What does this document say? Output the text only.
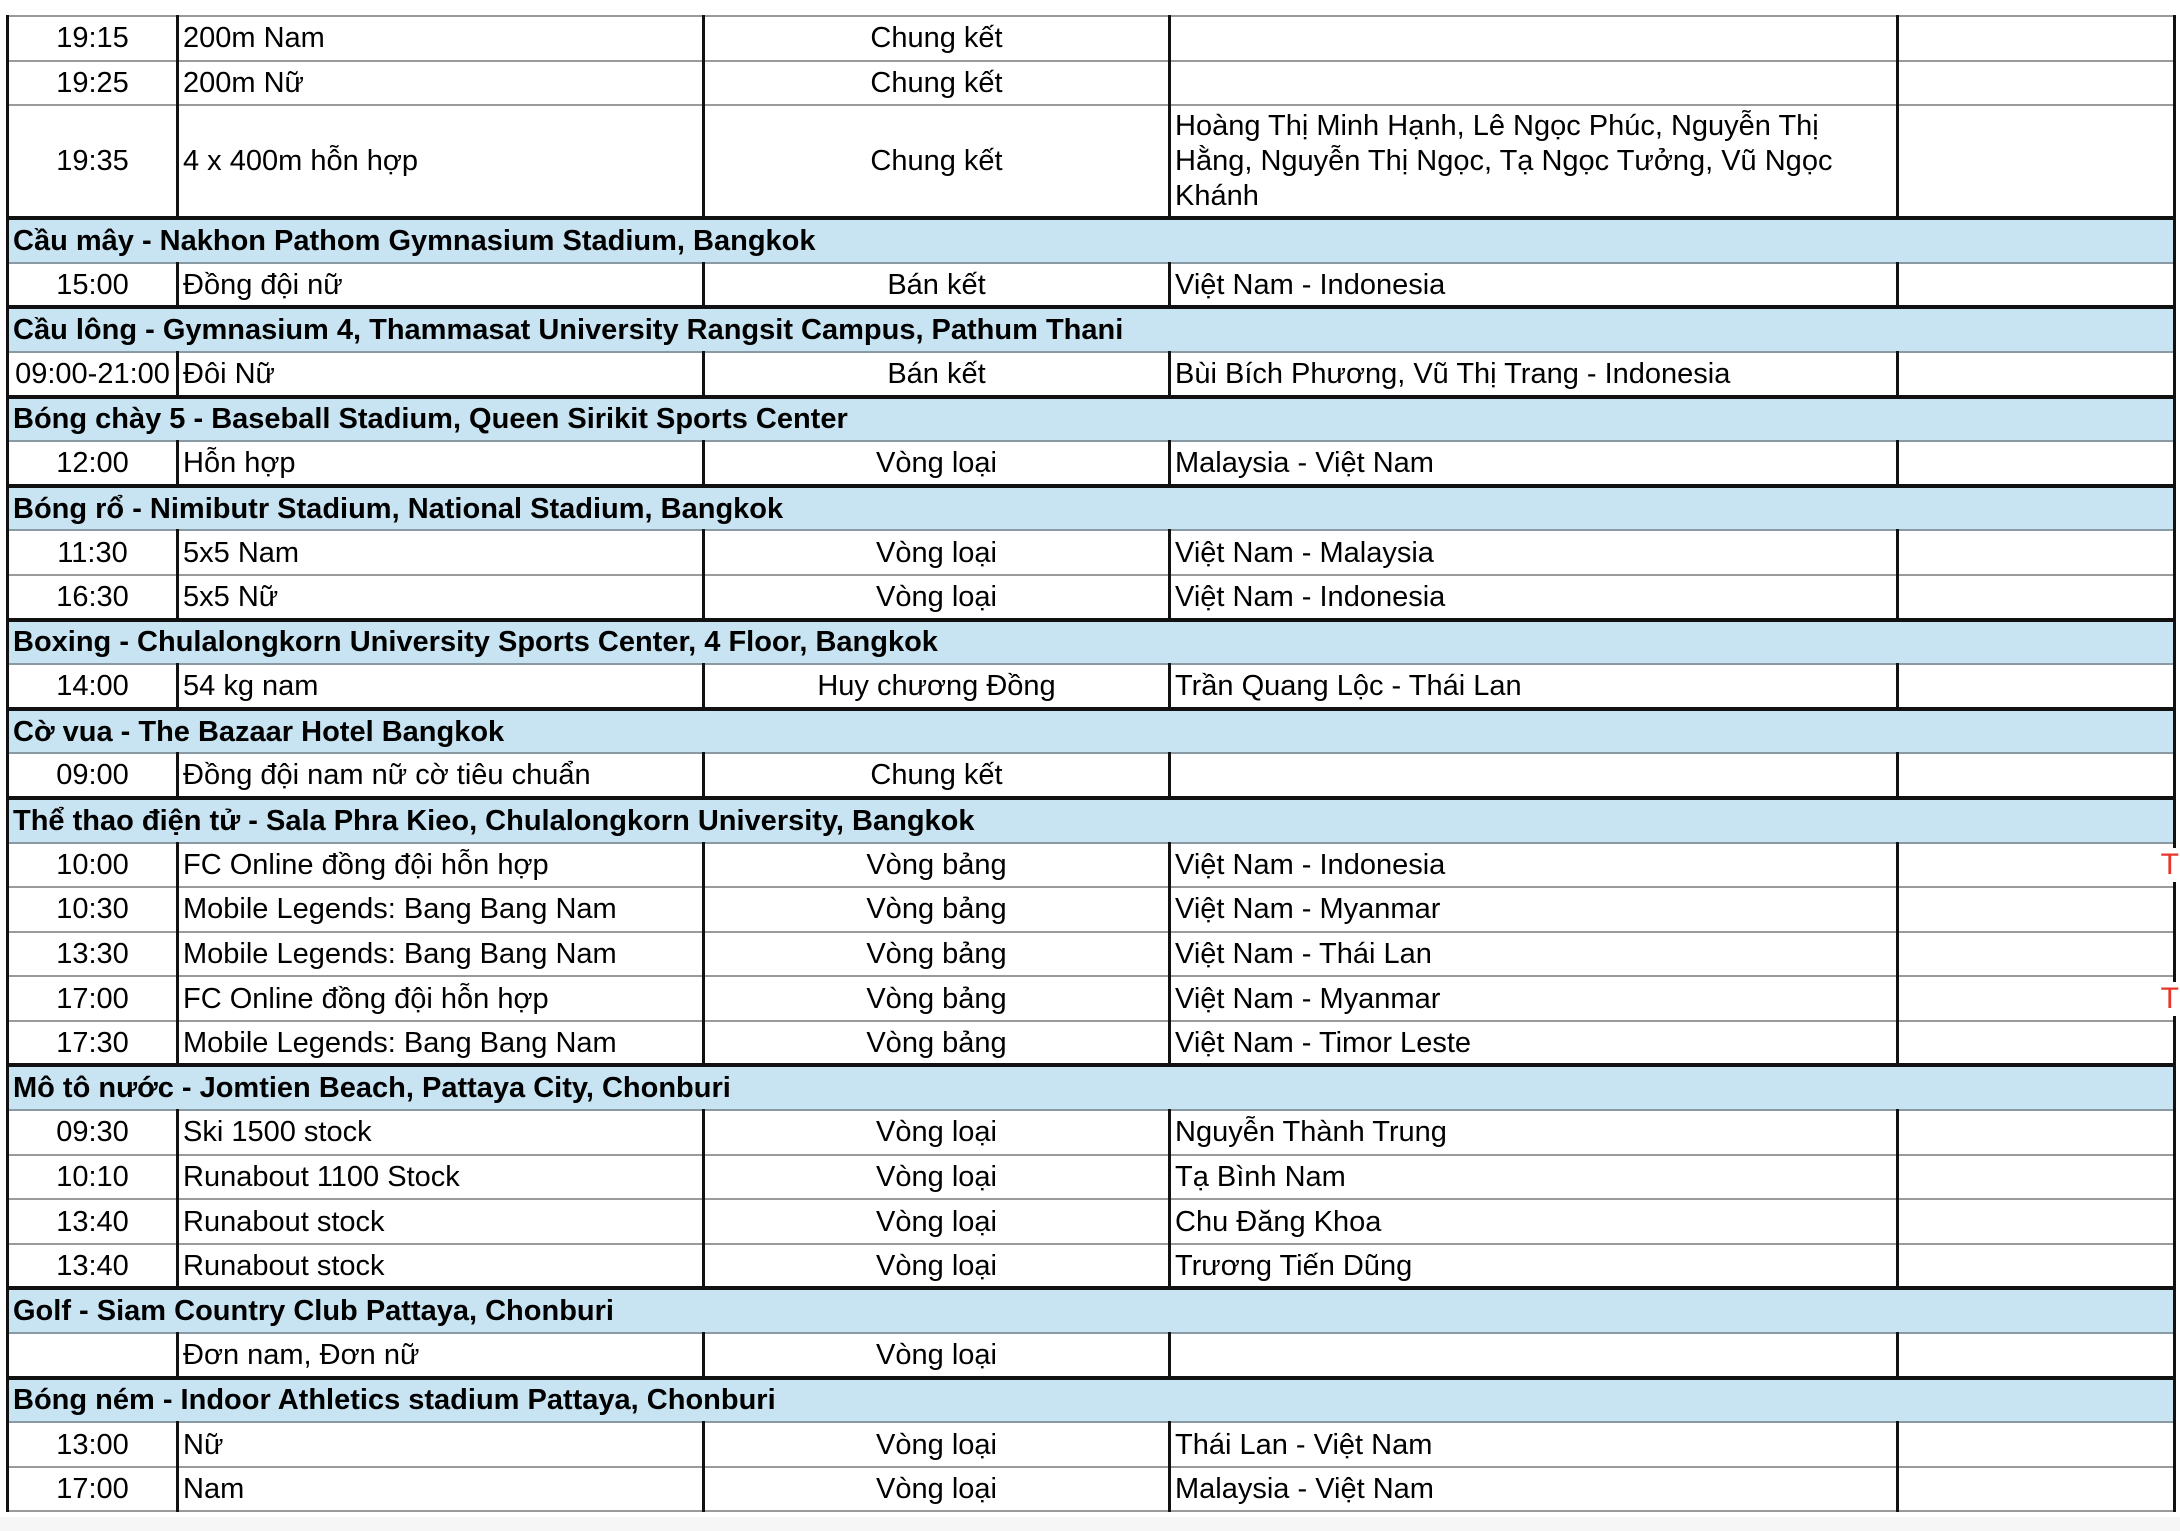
19:15	200m Nam	Chung kết		
19:25	200m Nữ	Chung kết		
19:35	4 x 400m hỗn hợp	Chung kết	Hoàng Thị Minh Hạnh, Lê Ngọc Phúc, Nguyễn Thị Hằng, Nguyễn Thị Ngọc, Tạ Ngọc Tưởng, Vũ Ngọc Khánh	
Cầu mây - Nakhon Pathom Gymnasium Stadium, Bangkok				
15:00	Đồng đội nữ	Bán kết	Việt Nam - Indonesia	
Cầu lông - Gymnasium 4, Thammasat University Rangsit Campus, Pathum Thani				
09:00-21:00	Đôi Nữ	Bán kết	Bùi Bích Phương, Vũ Thị Trang - Indonesia	
Bóng chày 5 - Baseball Stadium, Queen Sirikit Sports Center				
12:00	Hỗn hợp	Vòng loại	Malaysia - Việt Nam	
Bóng rổ - Nimibutr Stadium, National Stadium, Bangkok				
11:30	5x5 Nam	Vòng loại	Việt Nam - Malaysia	
16:30	5x5 Nữ	Vòng loại	Việt Nam - Indonesia	
Boxing - Chulalongkorn University Sports Center, 4 Floor, Bangkok				
14:00	54 kg nam	Huy chương Đồng	Trần Quang Lộc - Thái Lan	
Cờ vua - The Bazaar Hotel Bangkok				
09:00	Đồng đội nam nữ cờ tiêu chuẩn	Chung kết		
Thể thao điện tử - Sala Phra Kieo, Chulalongkorn University, Bangkok				
10:00	FC Online đồng đội hỗn hợp	Vòng bảng	Việt Nam - Indonesia	T

10:30	Mobile Legends: Bang Bang Nam	Vòng bảng	Việt Nam - Myanmar	
13:30	Mobile Legends: Bang Bang Nam	Vòng bảng	Việt Nam - Thái Lan	
17:00	FC Online đồng đội hỗn hợp	Vòng bảng	Việt Nam - Myanmar	T

17:30	Mobile Legends: Bang Bang Nam	Vòng bảng	Việt Nam - Timor Leste	
Mô tô nước - Jomtien Beach, Pattaya City, Chonburi				
09:30	Ski 1500 stock	Vòng loại	Nguyễn Thành Trung	
10:10	Runabout 1100 Stock	Vòng loại	Tạ Bình Nam	
13:40	Runabout stock	Vòng loại	Chu Đăng Khoa	
13:40	Runabout stock	Vòng loại	Trương Tiến Dũng	
Golf - Siam Country Club Pattaya, Chonburi				
	Đơn nam, Đơn nữ	Vòng loại		
Bóng ném - Indoor Athletics stadium Pattaya, Chonburi				
13:00	Nữ	Vòng loại	Thái Lan - Việt Nam	
17:00	Nam	Vòng loại	Malaysia - Việt Nam	
